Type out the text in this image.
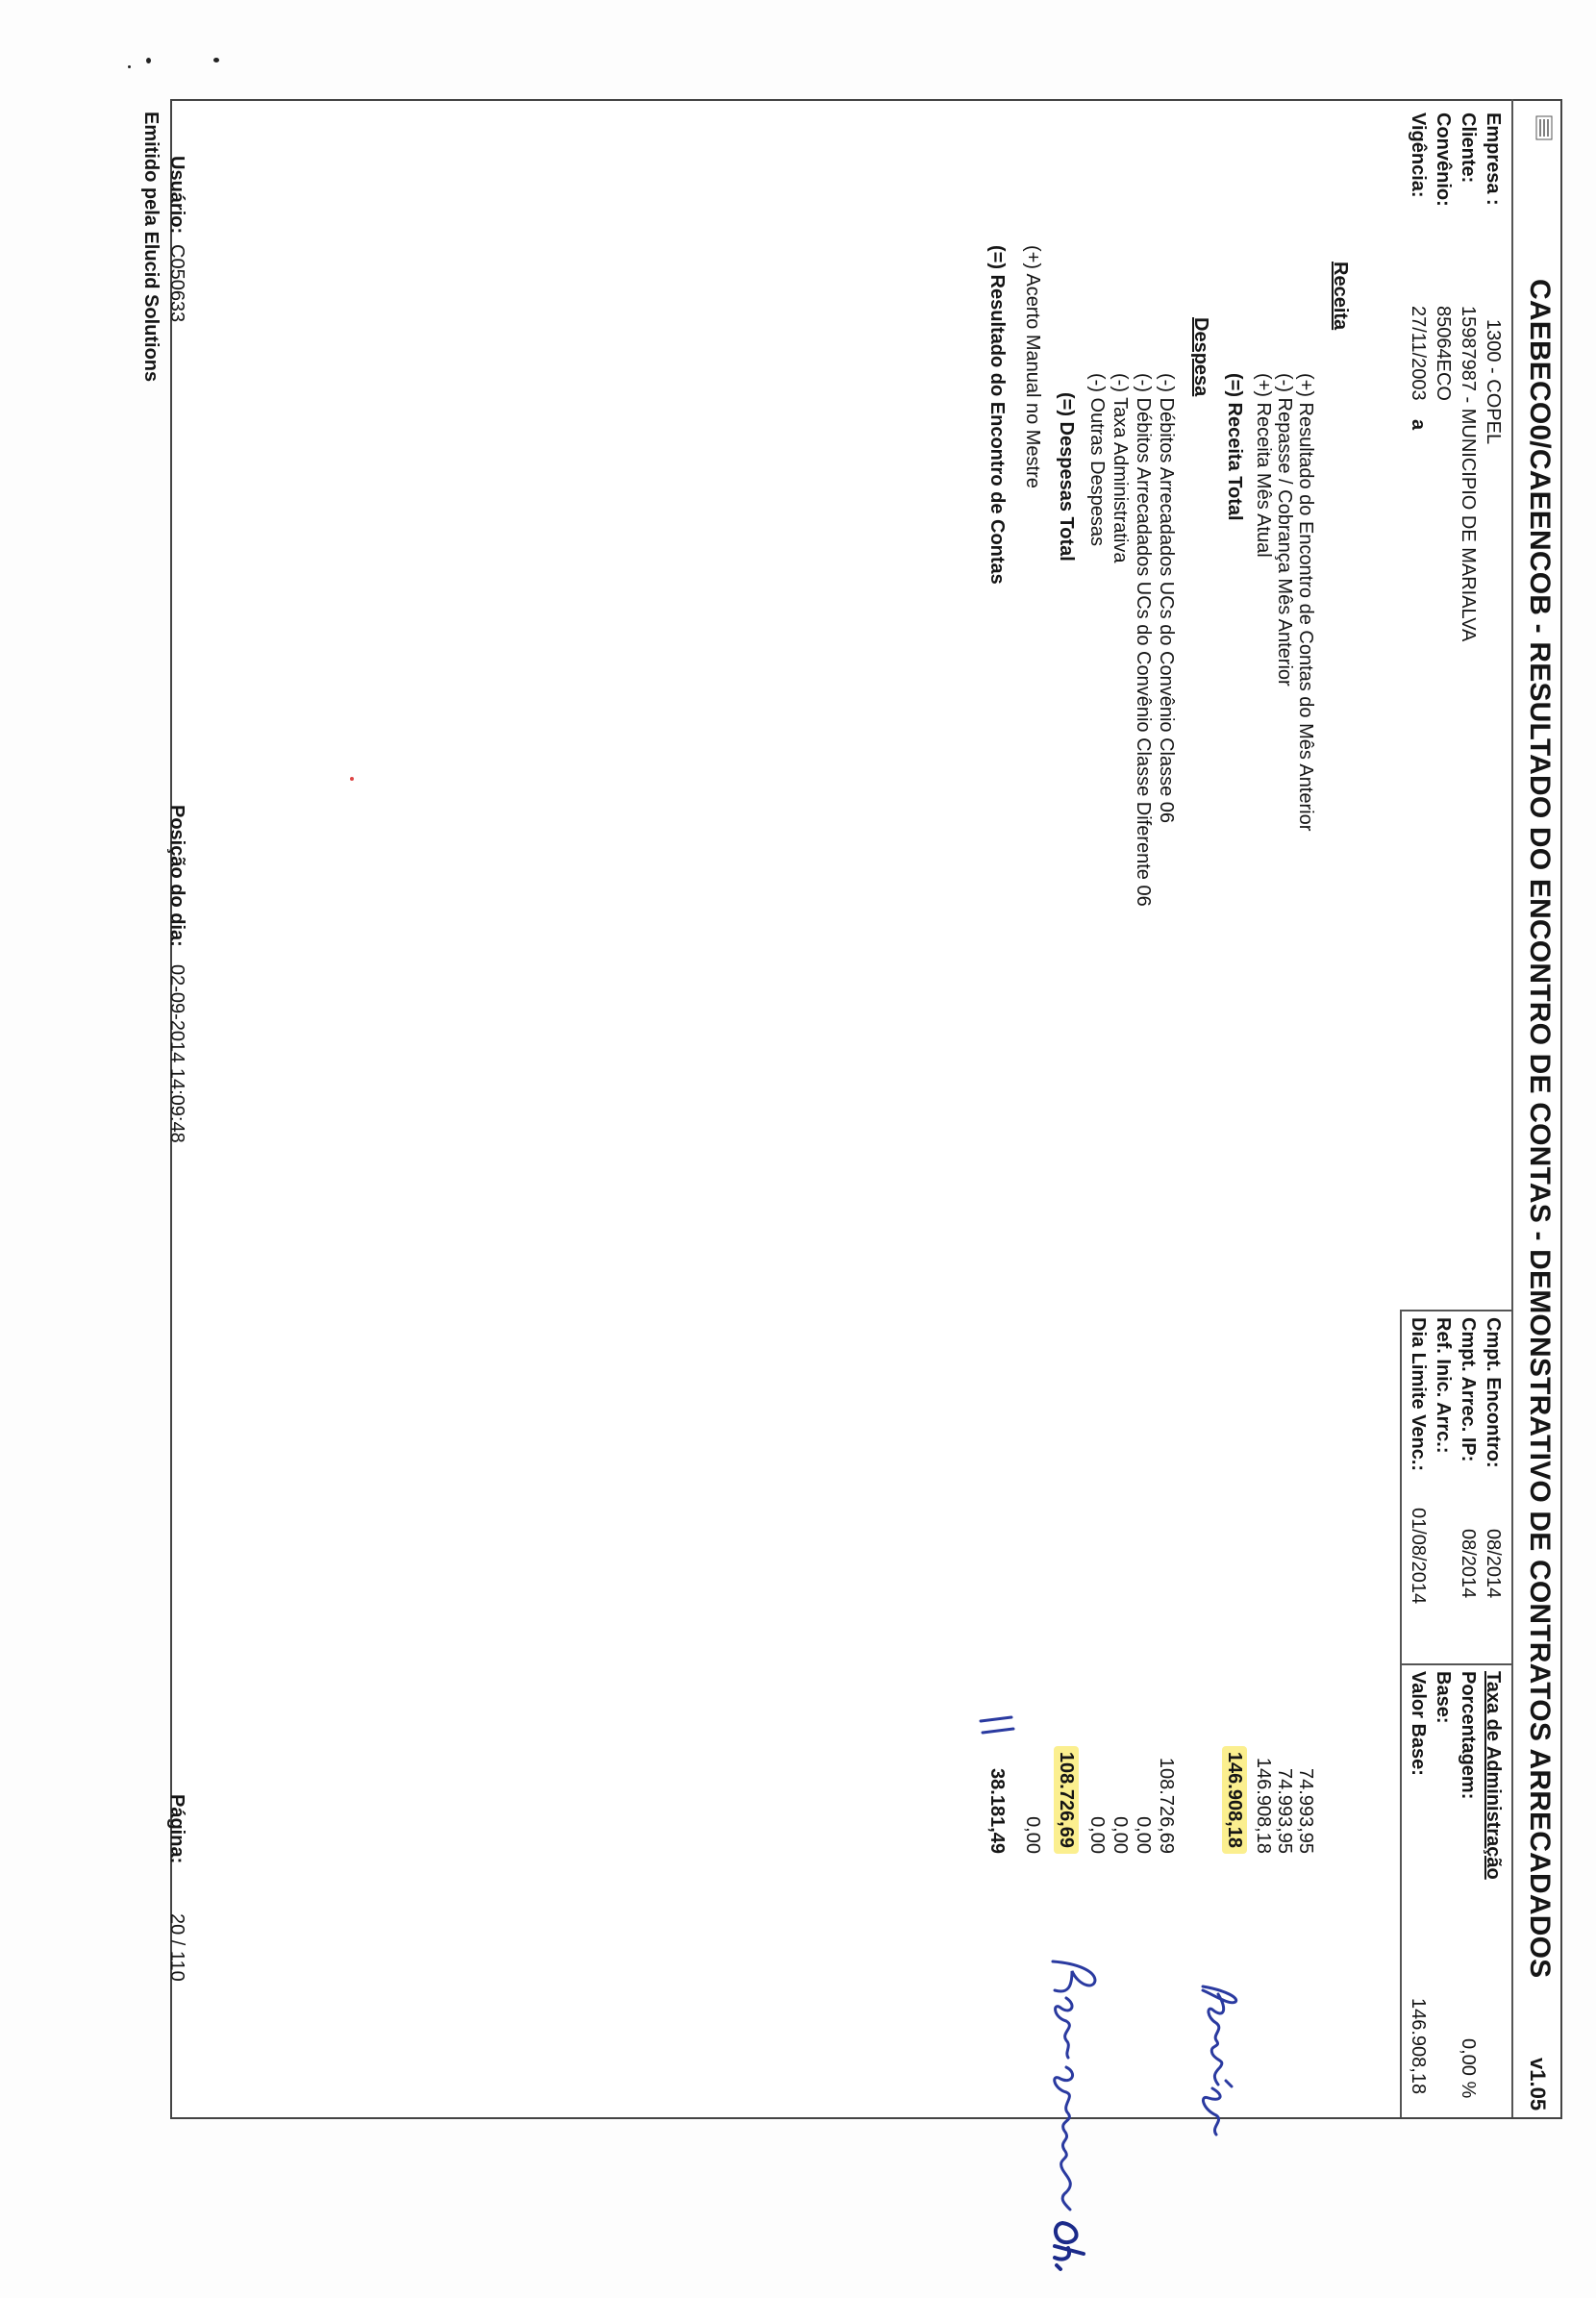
CAEBECO0/CAEENCOB - RESULTADO DO ENCONTRO DE CONTAS - DEMONSTRATIVO DE CONTRATOS ARRECADADOS
v1.05
Empresa :
1300 - COPEL
Cliente:
15987987 - MUNICIPIO DE MARIALVA
Convênio:
85064ECO
Vigência:
27/11/2003
a
Cmpt. Encontro:
08/2014
Cmpt. Arrec. IP:
08/2014
Ref. Inic. Arrc.:
Dia Limite Venc.:
01/08/2014
Taxa de Administração
Porcentagem:
0,00 %
Base:
Valor Base:
146.908,18
Receita
(+) Resultado do Encontro de Contas do Mês Anterior
74.993,95
(-) Repasse / Cobrança Mês Anterior
74.993,95
(+) Receita Mês Atual
146.908,18
(=) Receita Total
146.908,18
Despesa
(-) Débitos Arrecadados UCs do Convênio Classe 06
108.726,69
(-) Débitos Arrecadados UCs do Convênio Classe Diferente 06
0,00
(-) Taxa Administrativa
0,00
(-) Outras Despesas
0,00
(=) Despesas Total
108.726,69
(+) Acerto Manual no Mestre
0,00
(=) Resultado do Encontro de Contas
38.181,49
Usuário:
C050633
Emitido pela Elucid Solutions
Posição do dia:
02-09-2014 14:09:48
Página:
20 / 110
